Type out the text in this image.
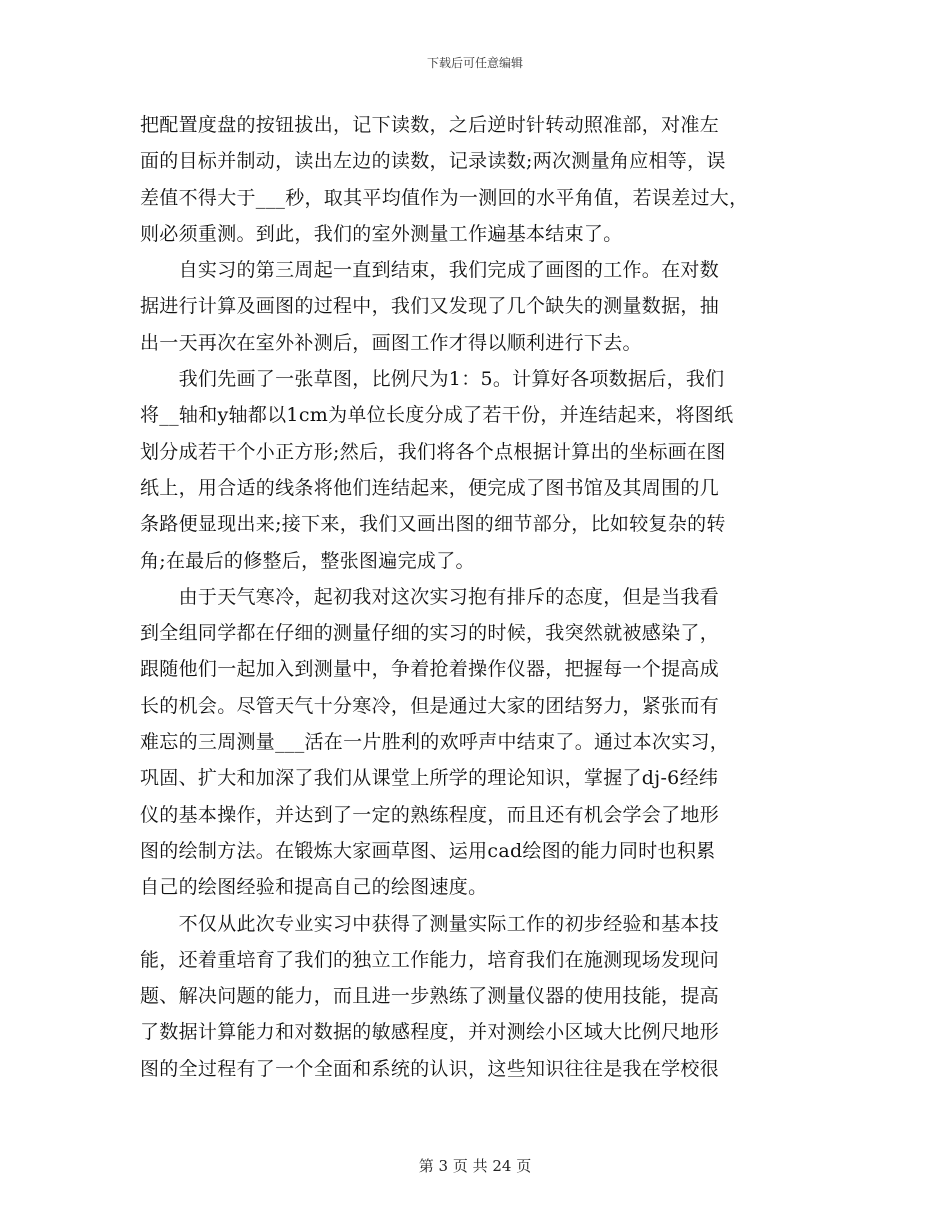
下载后可任意编辑
把配置度盘的按钮拔出，记下读数，之后逆时针转动照准部，对准左
面的目标并制动，读出左边的读数，记录读数;两次测量角应相等，误
差值不得大于___秒，取其平均值作为一测回的水平角值，若误差过大，
则必须重测。到此，我们的室外测量工作遍基本结束了。
　　自实习的第三周起一直到结束，我们完成了画图的工作。在对数
据进行计算及画图的过程中，我们又发现了几个缺失的测量数据，抽
出一天再次在室外补测后，画图工作才得以顺利进行下去。
　　我们先画了一张草图，比例尺为1：5。计算好各项数据后，我们
将__轴和y轴都以1cm为单位长度分成了若干份，并连结起来，将图纸
划分成若干个小正方形;然后，我们将各个点根据计算出的坐标画在图
纸上，用合适的线条将他们连结起来，便完成了图书馆及其周围的几
条路便显现出来;接下来，我们又画出图的细节部分，比如较复杂的转
角;在最后的修整后，整张图遍完成了。
　　由于天气寒冷，起初我对这次实习抱有排斥的态度，但是当我看
到全组同学都在仔细的测量仔细的实习的时候，我突然就被感染了，
跟随他们一起加入到测量中，争着抢着操作仪器，把握每一个提高成
长的机会。尽管天气十分寒冷，但是通过大家的团结努力，紧张而有
难忘的三周测量___活在一片胜利的欢呼声中结束了。通过本次实习，
巩固、扩大和加深了我们从课堂上所学的理论知识，掌握了dj-6经纬
仪的基本操作，并达到了一定的熟练程度，而且还有机会学会了地形
图的绘制方法。在锻炼大家画草图、运用cad绘图的能力同时也积累
自己的绘图经验和提高自己的绘图速度。
　　不仅从此次专业实习中获得了测量实际工作的初步经验和基本技
能，还着重培育了我们的独立工作能力，培育我们在施测现场发现问
题、解决问题的能力，而且进一步熟练了测量仪器的使用技能，提高
了数据计算能力和对数据的敏感程度，并对测绘小区域大比例尺地形
图的全过程有了一个全面和系统的认识，这些知识往往是我在学校很
第 3 页 共 24 页
